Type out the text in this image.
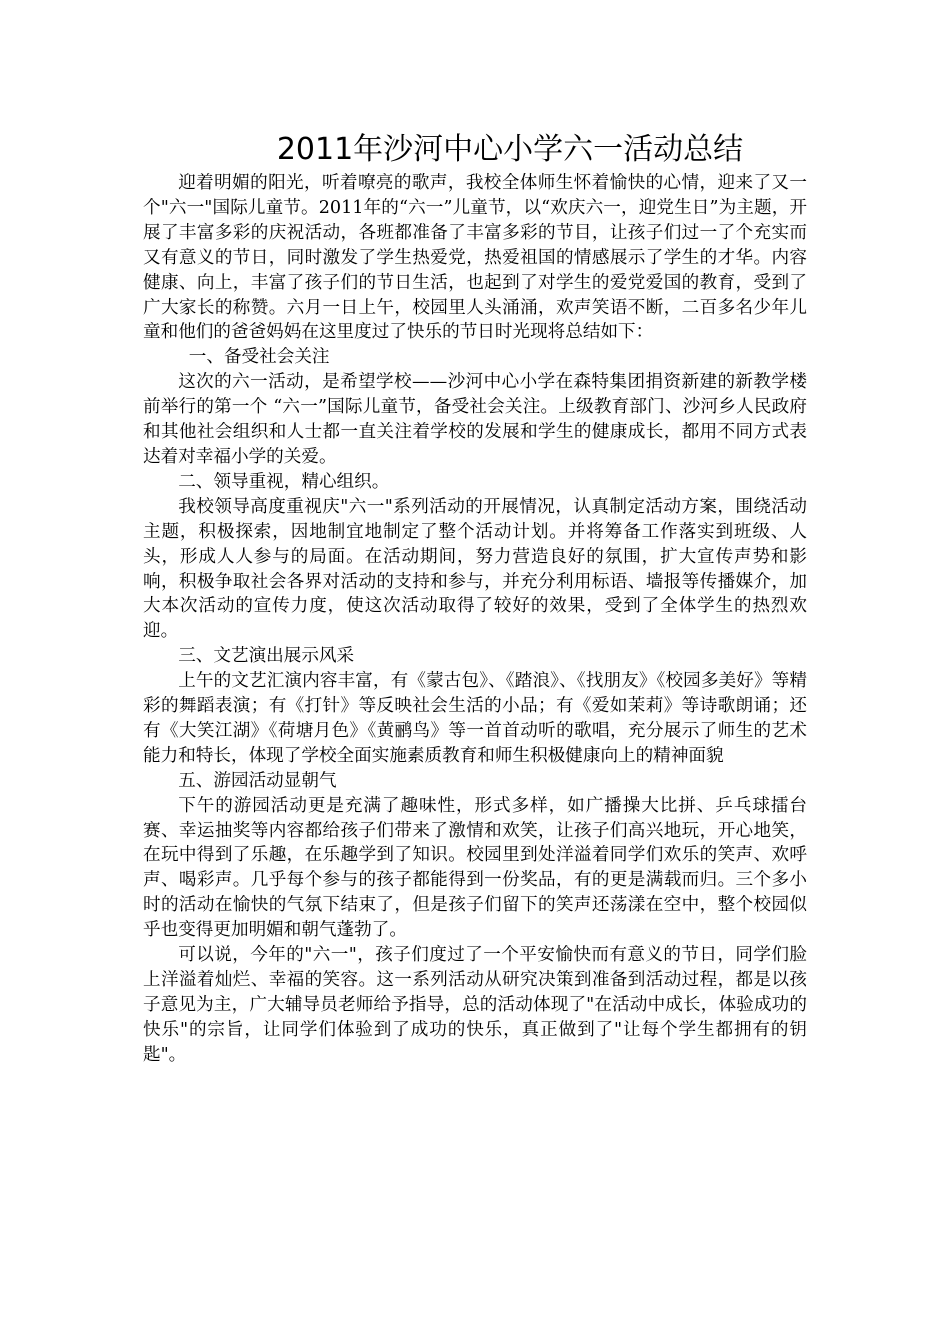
2011年沙河中心小学六一活动总结

迎着明媚的阳光，听着嘹亮的歌声，我校全体师生怀着愉快的心情，迎来了又一个"六一"国际儿童节。2011年的“六一”儿童节，以“欢庆六一，迎党生日”为主题，开展了丰富多彩的庆祝活动，各班都准备了丰富多彩的节目，让孩子们过一了个充实而又有意义的节日，同时激发了学生热爱党，热爱祖国的情感展示了学生的才华。内容健康、向上，丰富了孩子们的节日生活，也起到了对学生的爱党爱国的教育，受到了广大家长的称赞。六月一日上午，校园里人头涌涌，欢声笑语不断，二百多名少年儿童和他们的爸爸妈妈在这里度过了快乐的节日时光现将总结如下：

一、备受社会关注

这次的六一活动，是希望学校——沙河中心小学在森特集团捐资新建的新教学楼前举行的第一个 “六一”国际儿童节，备受社会关注。上级教育部门、沙河乡人民政府和其他社会组织和人士都一直关注着学校的发展和学生的健康成长，都用不同方式表达着对幸福小学的关爱。

二、领导重视，精心组织。

我校领导高度重视庆"六一"系列活动的开展情况，认真制定活动方案，围绕活动主题，积极探索，因地制宜地制定了整个活动计划。并将筹备工作落实到班级、人头，形成人人参与的局面。在活动期间，努力营造良好的氛围，扩大宣传声势和影响，积极争取社会各界对活动的支持和参与，并充分利用标语、墙报等传播媒介，加大本次活动的宣传力度，使这次活动取得了较好的效果，受到了全体学生的热烈欢迎。

三、文艺演出展示风采

上午的文艺汇演内容丰富，有《蒙古包》、《踏浪》、《找朋友》《校园多美好》等精彩的舞蹈表演；有《打针》等反映社会生活的小品；有《爱如茉莉》等诗歌朗诵；还有《大笑江湖》《荷塘月色》《黄鹂鸟》等一首首动听的歌唱，充分展示了师生的艺术能力和特长，体现了学校全面实施素质教育和师生积极健康向上的精神面貌

五、游园活动显朝气

下午的游园活动更是充满了趣味性，形式多样，如广播操大比拼、乒乓球擂台赛、幸运抽奖等内容都给孩子们带来了激情和欢笑，让孩子们高兴地玩，开心地笑，在玩中得到了乐趣，在乐趣学到了知识。校园里到处洋溢着同学们欢乐的笑声、欢呼声、喝彩声。几乎每个参与的孩子都能得到一份奖品，有的更是满载而归。三个多小时的活动在愉快的气氛下结束了，但是孩子们留下的笑声还荡漾在空中，整个校园似乎也变得更加明媚和朝气蓬勃了。

可以说，今年的"六一"，孩子们度过了一个平安愉快而有意义的节日，同学们脸上洋溢着灿烂、幸福的笑容。这一系列活动从研究决策到准备到活动过程，都是以孩子意见为主，广大辅导员老师给予指导，总的活动体现了"在活动中成长，体验成功的快乐"的宗旨，让同学们体验到了成功的快乐，真正做到了"让每个学生都拥有的钥匙"。
